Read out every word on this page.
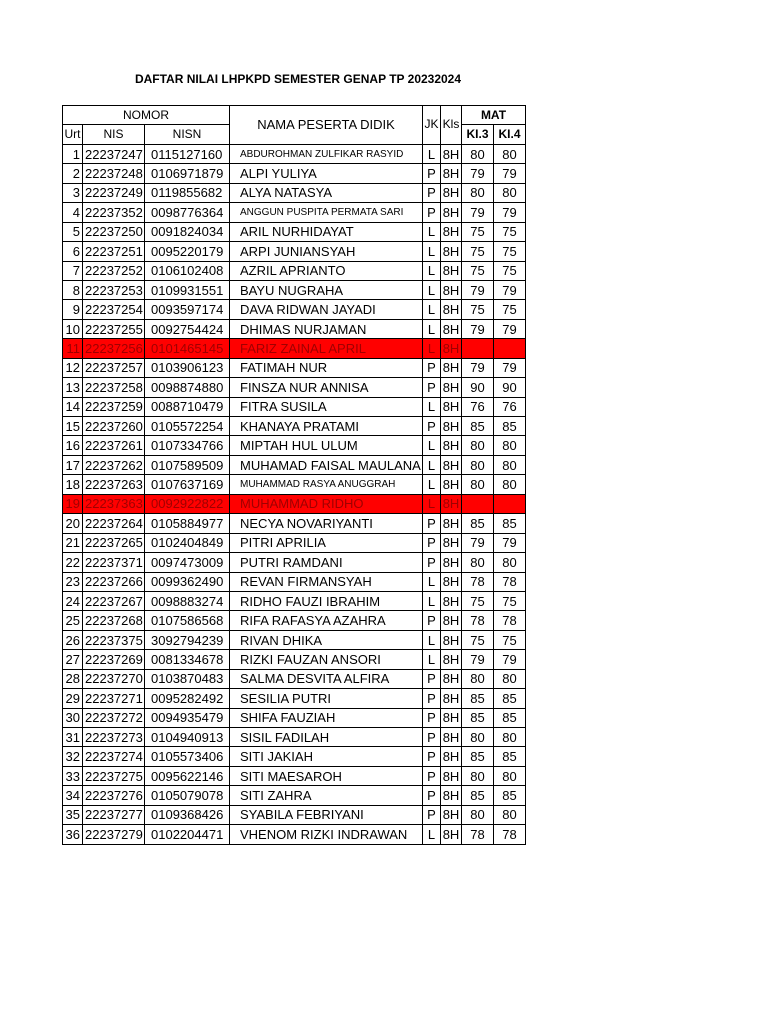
DAFTAR NILAI LHPKPD SEMESTER GENAP TP 20232024
NOMOR			NAMA PESERTA DIDIK	JK	Kls	MAT	
Urt	NIS	NISN				KI.3	KI.4
1	22237247	0115127160	ABDUROHMAN ZULFIKAR RASYID	L	8H	80	80
2	22237248	0106971879	ALPI YULIYA	P	8H	79	79
3	22237249	0119855682	ALYA NATASYA	P	8H	80	80
4	22237352	0098776364	ANGGUN PUSPITA PERMATA SARI	P	8H	79	79
5	22237250	0091824034	ARIL NURHIDAYAT	L	8H	75	75
6	22237251	0095220179	ARPI JUNIANSYAH	L	8H	75	75
7	22237252	0106102408	AZRIL APRIANTO	L	8H	75	75
8	22237253	0109931551	BAYU NUGRAHA	L	8H	79	79
9	22237254	0093597174	DAVA RIDWAN JAYADI	L	8H	75	75
10	22237255	0092754424	DHIMAS NURJAMAN	L	8H	79	79
11	22237256	0101465145	FARIZ ZAINAL APRIL	L	8H		
12	22237257	0103906123	FATIMAH NUR	P	8H	79	79
13	22237258	0098874880	FINSZA NUR ANNISA	P	8H	90	90
14	22237259	0088710479	FITRA SUSILA	L	8H	76	76
15	22237260	0105572254	KHANAYA PRATAMI	P	8H	85	85
16	22237261	0107334766	MIPTAH HUL ULUM	L	8H	80	80
17	22237262	0107589509	MUHAMAD FAISAL MAULANA	L	8H	80	80
18	22237263	0107637169	MUHAMMAD RASYA ANUGGRAH	L	8H	80	80
19	22237363	0092922822	MUHAMMAD RIDHO	L	8H		
20	22237264	0105884977	NECYA NOVARIYANTI	P	8H	85	85
21	22237265	0102404849	PITRI APRILIA	P	8H	79	79
22	22237371	0097473009	PUTRI RAMDANI	P	8H	80	80
23	22237266	0099362490	REVAN FIRMANSYAH	L	8H	78	78
24	22237267	0098883274	RIDHO FAUZI IBRAHIM	L	8H	75	75
25	22237268	0107586568	RIFA RAFASYA AZAHRA	P	8H	78	78
26	22237375	3092794239	RIVAN DHIKA	L	8H	75	75
27	22237269	0081334678	RIZKI FAUZAN ANSORI	L	8H	79	79
28	22237270	0103870483	SALMA DESVITA ALFIRA	P	8H	80	80
29	22237271	0095282492	SESILIA PUTRI	P	8H	85	85
30	22237272	0094935479	SHIFA FAUZIAH	P	8H	85	85
31	22237273	0104940913	SISIL FADILAH	P	8H	80	80
32	22237274	0105573406	SITI JAKIAH	P	8H	85	85
33	22237275	0095622146	SITI MAESAROH	P	8H	80	80
34	22237276	0105079078	SITI ZAHRA	P	8H	85	85
35	22237277	0109368426	SYABILA FEBRIYANI	P	8H	80	80
36	22237279	0102204471	VHENOM RIZKI INDRAWAN	L	8H	78	78
